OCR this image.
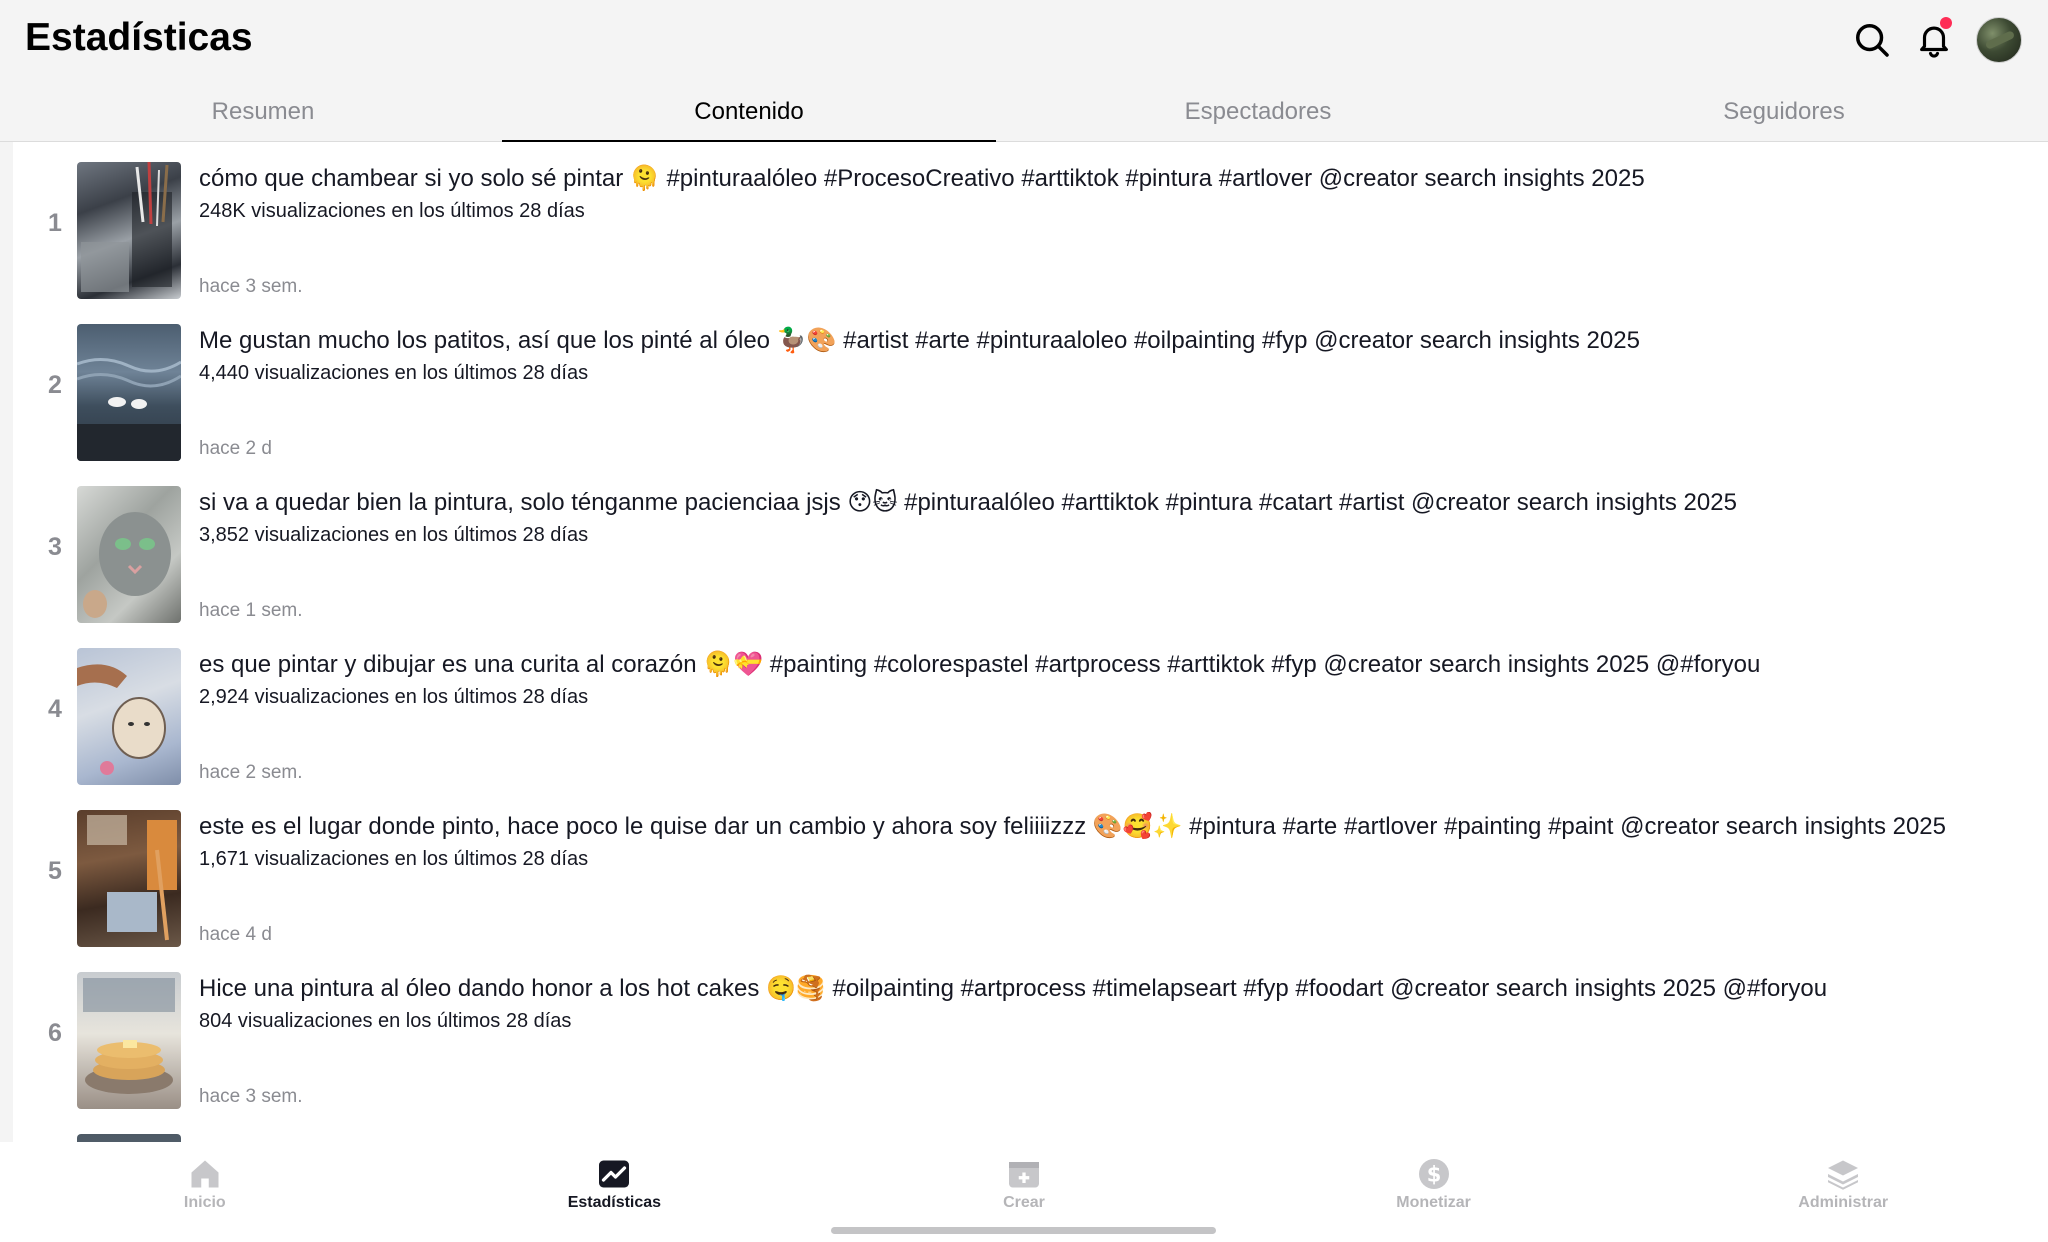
Estadísticas
Resumen	Contenido	Espectadores	Seguidores
1
cómo que chambear si yo solo sé pintar 🫠 #pinturaalóleo #ProcesoCreativo #arttiktok #pintura #artlover @creator search insights 2025
248K visualizaciones en los últimos 28 días
hace 3 sem.
2
Me gustan mucho los patitos, así que los pinté al óleo 🦆🎨 #artist #arte #pinturaaloleo #oilpainting #fyp @creator search insights 2025
4,440 visualizaciones en los últimos 28 días
hace 2 d
3
si va a quedar bien la pintura, solo ténganme pacienciaa jsjs 😯🐱 #pinturaalóleo #arttiktok #pintura #catart #artist @creator search insights 2025
3,852 visualizaciones en los últimos 28 días
hace 1 sem.
4
es que pintar y dibujar es una curita al corazón 🫠💝 #painting #colorespastel #artprocess #arttiktok #fyp @creator search insights 2025 @#foryou
2,924 visualizaciones en los últimos 28 días
hace 2 sem.
5
este es el lugar donde pinto, hace poco le quise dar un cambio y ahora soy feliiiizzz 🎨🥰✨ #pintura #arte #artlover #painting #paint @creator search insights 2025
1,671 visualizaciones en los últimos 28 días
hace 4 d
6
Hice una pintura al óleo dando honor a los hot cakes 🤤🥞 #oilpainting #artprocess #timelapseart #fyp #foodart @creator search insights 2025 @#foryou
804 visualizaciones en los últimos 28 días
hace 3 sem.
Inicio	Estadísticas	Crear
$
Monetizar	Administrar
